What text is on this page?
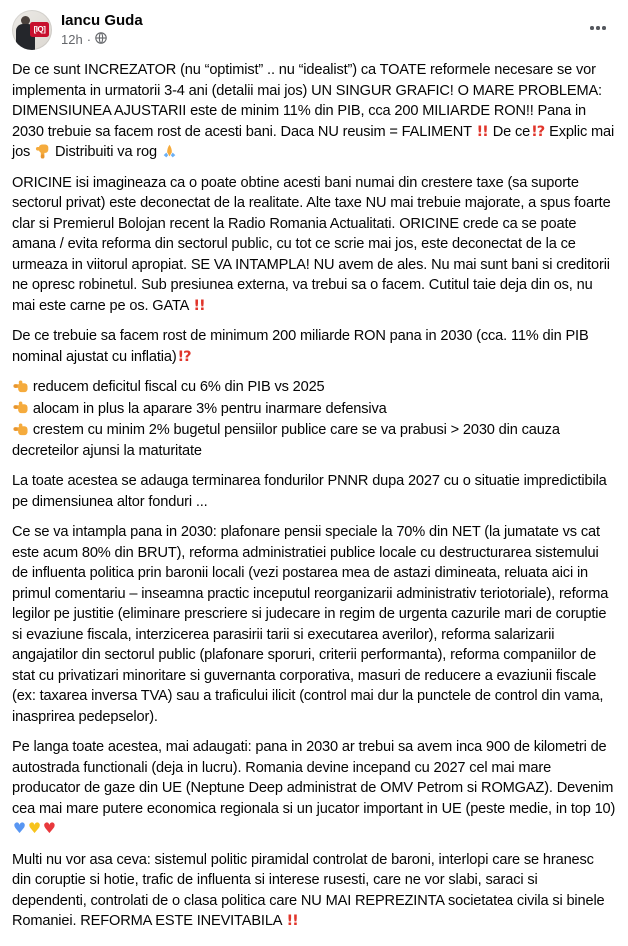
[IQ]
Iancu Guda
12h ·
De ce sunt INCREZATOR (nu “optimist” .. nu “idealist”) ca TOATE reformele necesare se vor implementa in urmatorii 3-4 ani (detalii mai jos) UN SINGUR GRAFIC! O MARE PROBLEMA: DIMENSIUNEA AJUSTARII este de minim 11% din PIB, cca 200 MILIARDE RON!! Pana in 2030 trebuie sa facem rost de acesti bani. Daca NU reusim = FALIMENT !! De ce!? Explic mai jos  Distribuiti va rog
ORICINE isi imagineaza ca o poate obtine acesti bani numai din crestere taxe (sa suporte sectorul privat) este deconectat de la realitate. Alte taxe NU mai trebuie majorate, a spus foarte clar si Premierul Bolojan recent la Radio Romania Actualitati. ORICINE crede ca se poate amana / evita reforma din sectorul public, cu tot ce scrie mai jos, este deconectat de la ce urmeaza in viitorul apropiat. SE VA INTAMPLA! NU avem de ales. Nu mai sunt bani si creditorii ne opresc robinetul. Sub presiunea externa, va trebui sa o facem. Cutitul taie deja din os, nu mai este carne pe os. GATA !!
De ce trebuie sa facem rost de minimum 200 miliarde RON pana in 2030 (cca. 11% din PIB nominal ajustat cu inflatia)!?
reducem deficitul fiscal cu 6% din PIB vs 2025
alocam in plus la aparare 3% pentru inarmare defensiva
crestem cu minim 2% bugetul pensiilor publice care se va prabusi > 2030 din cauza decreteilor ajunsi la maturitate
La toate acestea se adauga terminarea fondurilor PNNR dupa 2027 cu o situatie impredictibila pe dimensiunea altor fonduri ...
Ce se va intampla pana in 2030: plafonare pensii speciale la 70% din NET (la jumatate vs cat este acum 80% din BRUT), reforma administratiei publice locale cu destructurarea sistemului de influenta politica prin baronii locali (vezi postarea mea de astazi dimineata, reluata aici in primul comentariu – inseamna practic inceputul reorganizarii administrativ teriotoriale), reforma legilor pe justitie (eliminare prescriere si judecare in regim de urgenta cazurile mari de coruptie si evaziune fiscala, interzicerea parasirii tarii si executarea averilor), reforma salarizarii angajatilor din sectorul public (plafonare sporuri, criterii performanta), reforma companiilor de stat cu privatizari minoritare si guvernanta corporativa, masuri de reducere a evaziunii fiscale (ex: taxarea inversa TVA) sau a traficului ilicit (control mai dur la punctele de control din vama, inasprirea pedepselor).
Pe langa toate acestea, mai adaugati: pana in 2030 ar trebui sa avem inca 900 de kilometri de autostrada functionali (deja in lucru). Romania devine incepand cu 2027 cel mai mare producator de gaze din UE (Neptune Deep administrat de OMV Petrom si ROMGAZ). Devenim cea mai mare putere economica regionala si un jucator important in UE (peste medie, in top 10) ♥ ♥ ♥
Multi nu vor asa ceva: sistemul politic piramidal controlat de baroni, interlopi care se hranesc din coruptie si hotie, trafic de influenta si interese rusesti, care ne vor slabi, saraci si dependenti, controlati de o clasa politica care NU MAI REPREZINTA societatea civila si binele Romaniei. REFORMA ESTE INEVITABILA !!
